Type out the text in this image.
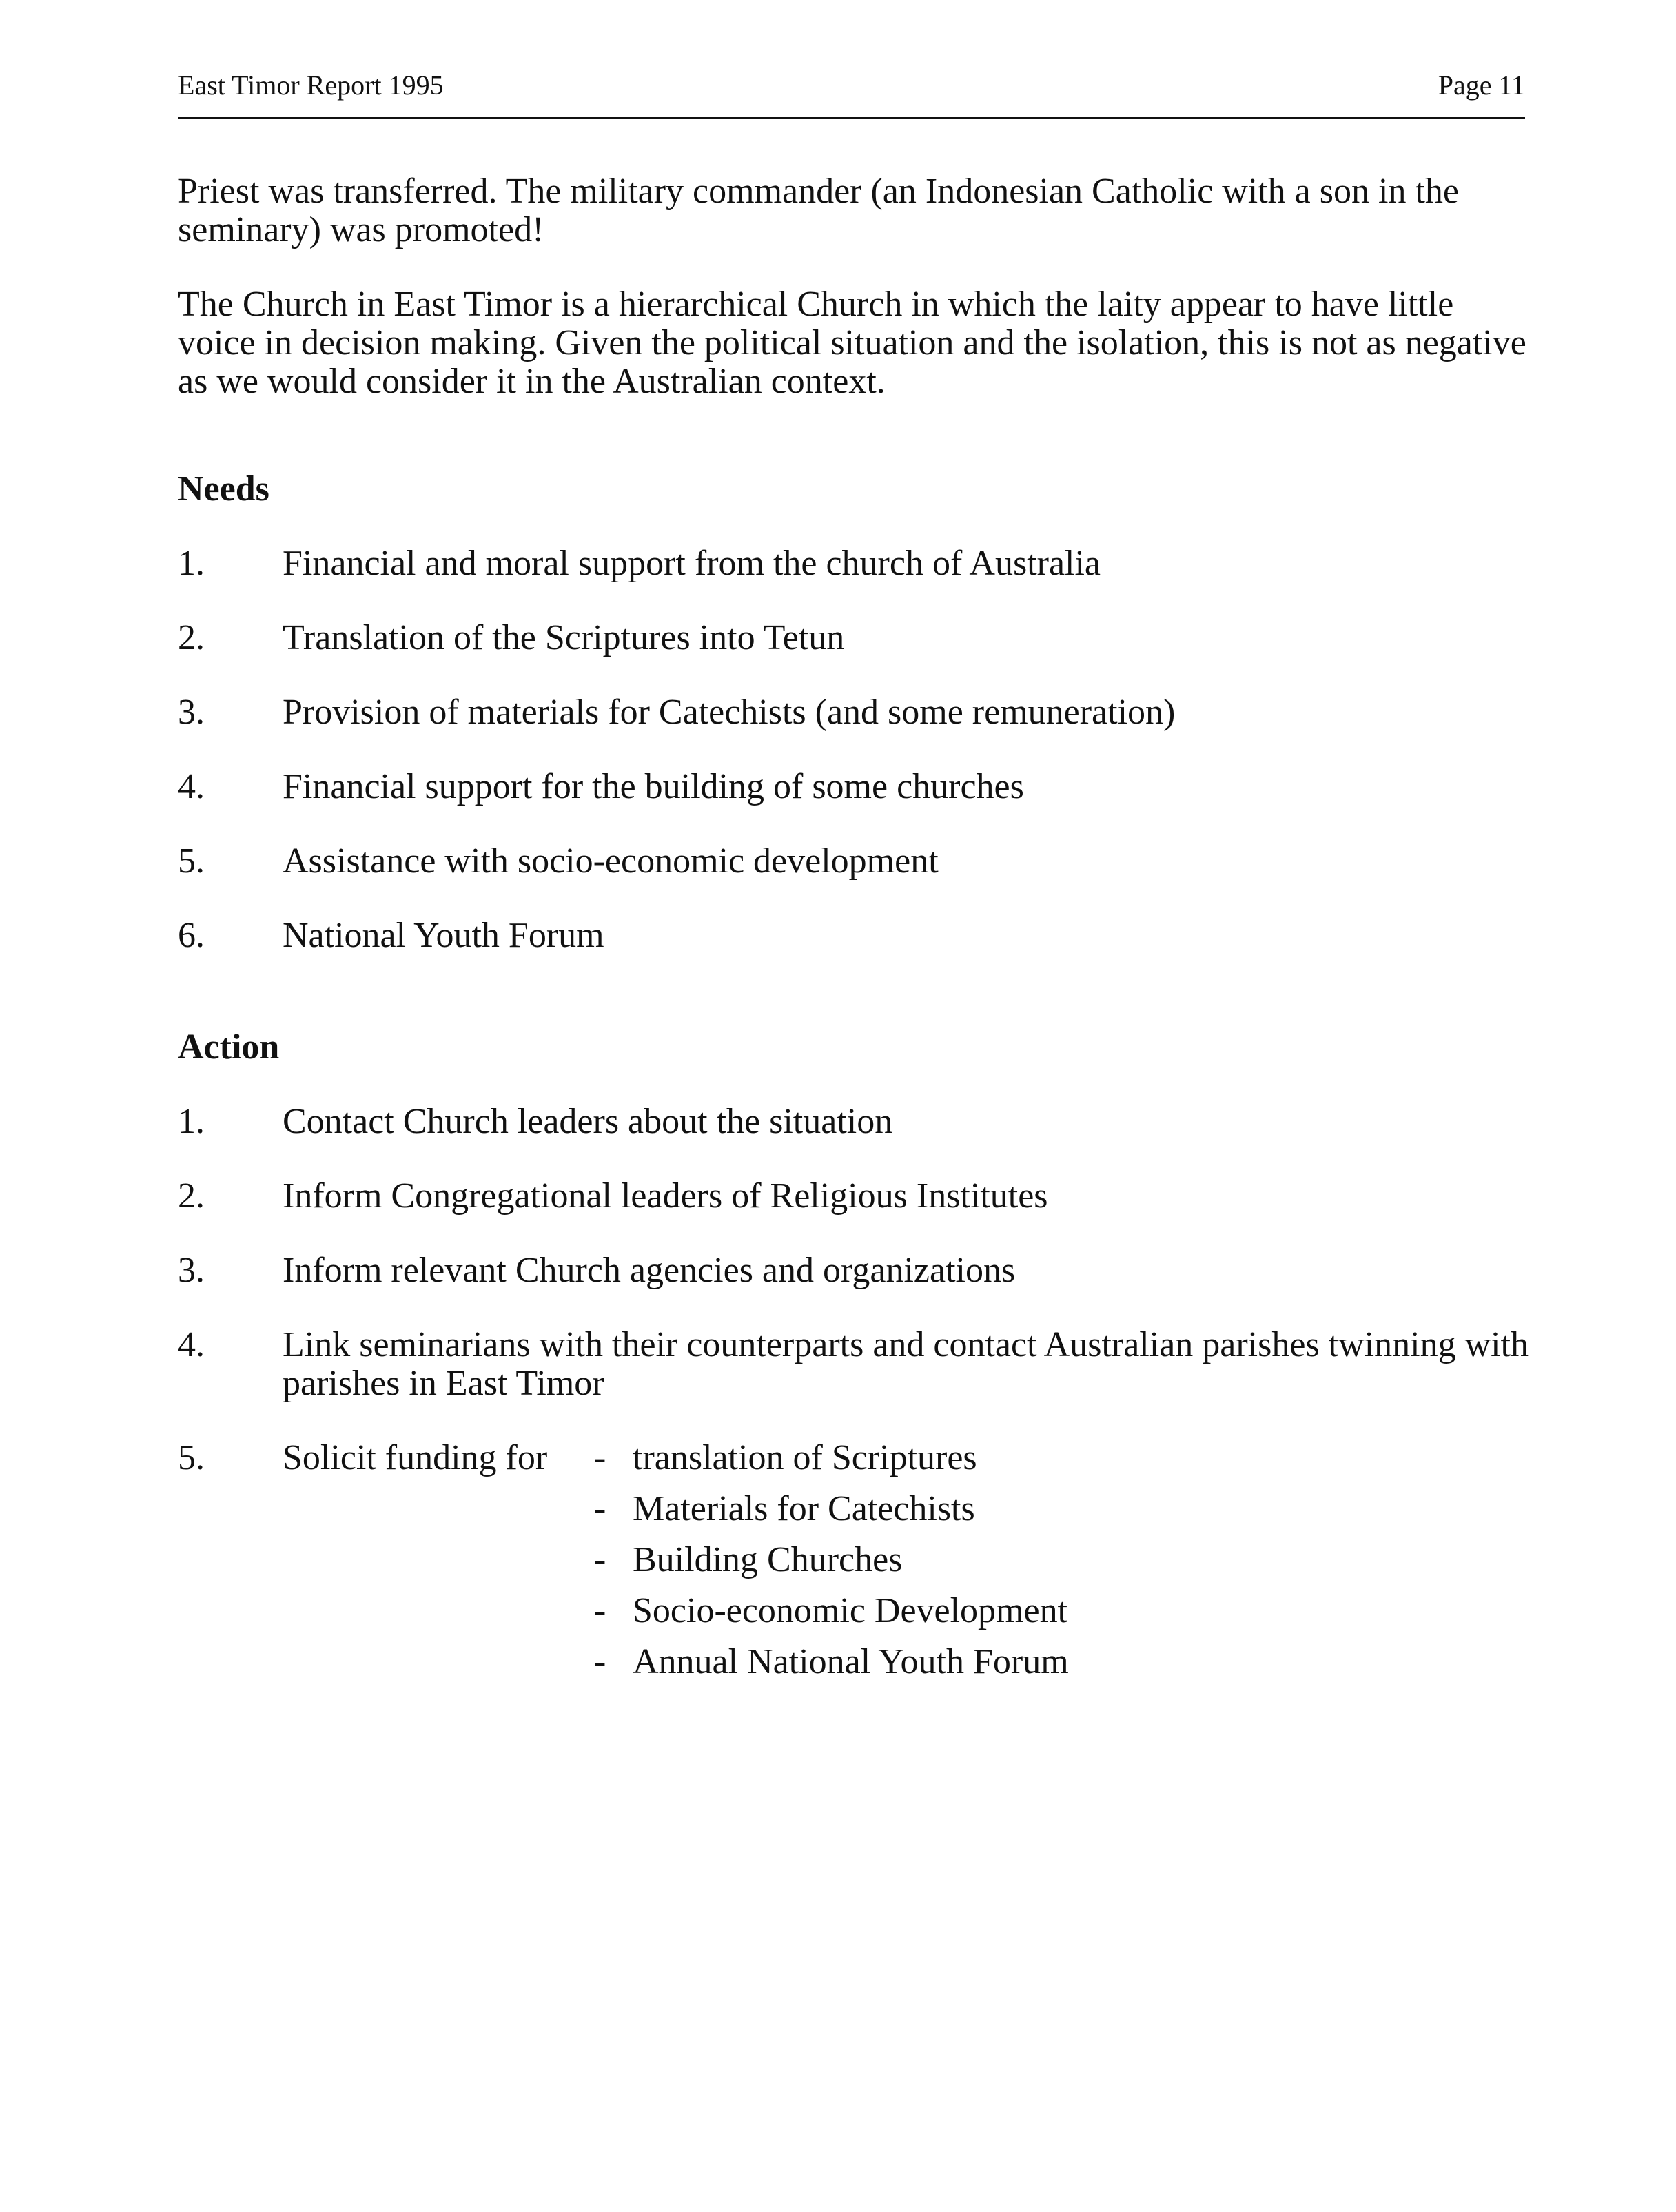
East Timor Report 1995	Page 11

Priest was transferred. The military commander (an Indonesian Catholic with a son in the seminary) was promoted!

The Church in East Timor is a hierarchical Church in which the laity appear to have little voice in decision making. Given the political situation and the isolation, this is not as negative as we would consider it in the Australian context.

Needs
1. Financial and moral support from the church of Australia
2. Translation of the Scriptures into Tetun
3. Provision of materials for Catechists (and some remuneration)
4. Financial support for the building of some churches
5. Assistance with socio-economic development
6. National Youth Forum
Action
1. Contact Church leaders about the situation
2. Inform Congregational leaders of Religious Institutes
3. Inform relevant Church agencies and organizations
4. Link seminarians with their counterparts and contact Australian parishes twinning with parishes in East Timor
5. Solicit funding for - translation of Scriptures
- Materials for Catechists
- Building Churches
- Socio-economic Development
- Annual National Youth Forum
